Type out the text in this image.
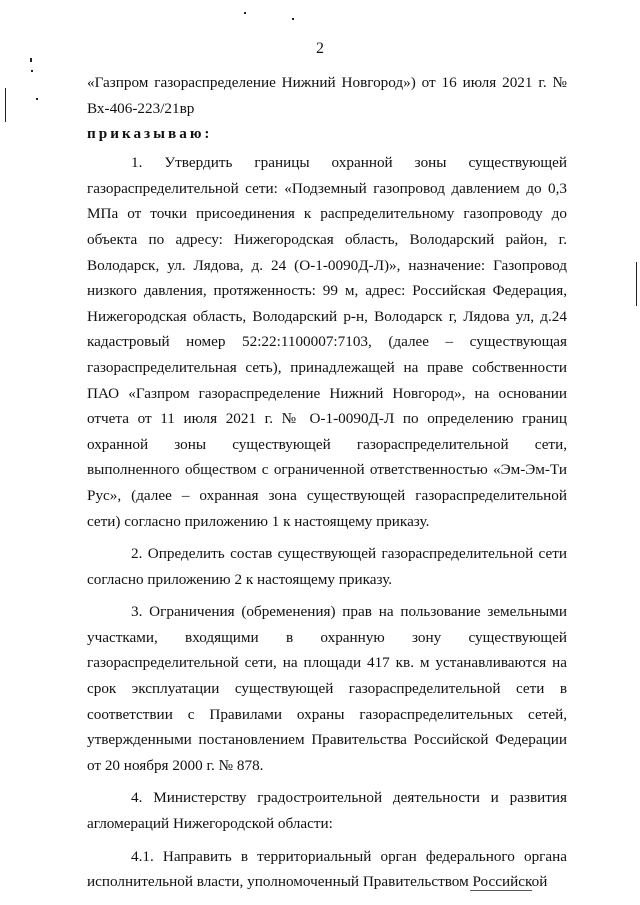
2

«Газпром газораспределение Нижний Новгород») от 16 июля 2021 г. № Вх-406-223/21вр

приказываю:

1. Утвердить границы охранной зоны существующей газораспределительной сети: «Подземный газопровод давлением до 0,3 МПа от точки присоединения к распределительному газопроводу до объекта по адресу: Нижегородская область, Володарский район, г. Володарск, ул. Лядова, д. 24 (О-1-0090Д-Л)», назначение: Газопровод низкого давления, протяженность: 99 м, адрес: Российская Федерация, Нижегородская область, Володарский р-н, Володарск г, Лядова ул, д.24 кадастровый номер 52:22:1100007:7103, (далее – существующая газораспределительная сеть), принадлежащей на праве собственности ПАО «Газпром газораспределение Нижний Новгород», на основании отчета от 11 июля 2021 г. № О-1-0090Д-Л по определению границ охранной зоны существующей газораспределительной сети, выполненного обществом с ограниченной ответственностью «Эм-Эм-Ти Рус», (далее – охранная зона существующей газораспределительной сети) согласно приложению 1 к настоящему приказу.

2. Определить состав существующей газораспределительной сети согласно приложению 2 к настоящему приказу.

3. Ограничения (обременения) прав на пользование земельными участками, входящими в охранную зону существующей газораспределительной сети, на площади 417 кв. м устанавливаются на срок эксплуатации существующей газораспределительной сети в соответствии с Правилами охраны газораспределительных сетей, утвержденными постановлением Правительства Российской Федерации от 20 ноября 2000 г. № 878.

4. Министерству градостроительной деятельности и развития агломераций Нижегородской области:

4.1. Направить в территориальный орган федерального органа исполнительной власти, уполномоченный Правительством Российской
